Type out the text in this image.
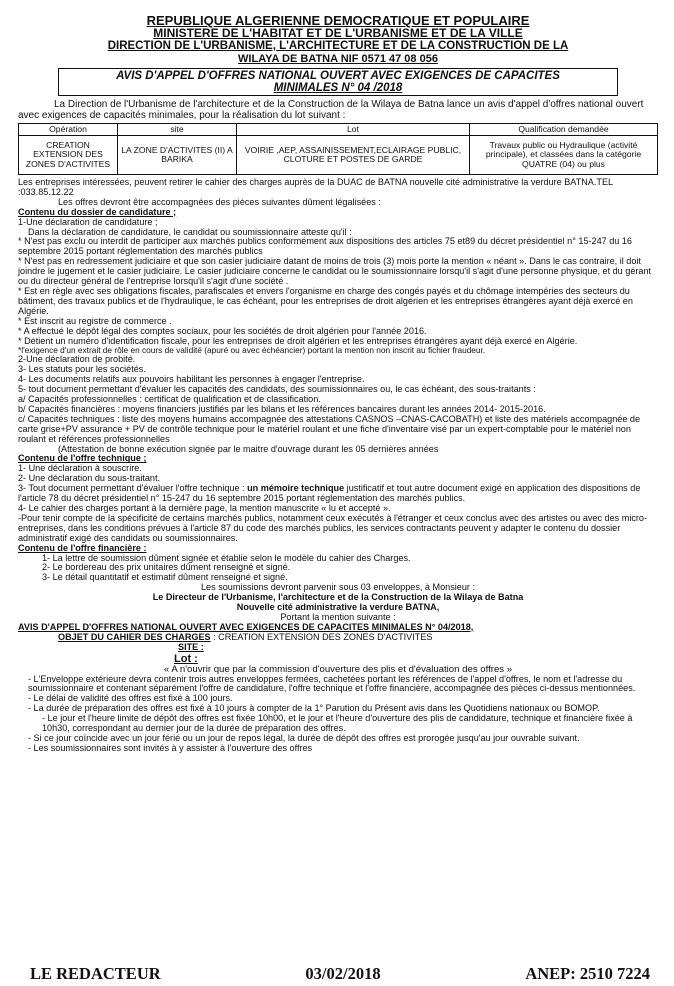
REPUBLIQUE ALGERIENNE DEMOCRATIQUE ET POPULAIRE
MINISTERE DE L'HABITAT ET DE L'URBANISME ET DE LA VILLE
DIRECTION DE L'URBANISME, L'ARCHITECTURE ET DE LA CONSTRUCTION DE LA
WILAYA DE BATNA NIF 0571 47 08 056
AVIS D'APPEL D'OFFRES NATIONAL OUVERT AVEC EXIGENCES DE CAPACITES
MINIMALES N° 04 /2018

La Direction de l'Urbanisme de l'architecture et de la Construction de la Wilaya de Batna lance un avis d'appel d'offres national ouvert avec exigences de capacités minimales, pour la réalisation du lot suivant :

Opération	site	Lot	Qualification demandée
CREATION EXTENSION DES ZONES D'ACTIVITES	LA ZONE D'ACTIVITES (II) A BARIKA	VOIRIE ,AEP, ASSAINISSEMENT,ECLAIRAGE PUBLIC, CLOTURE ET POSTES DE GARDE	Travaux public ou Hydraulique (activité principale), et classées dans la catégorie QUATRE (04) ou plus

Les entreprises intéressées, peuvent retirer le cahier des charges auprès de la DUAC de BATNA nouvelle cité administrative la verdure BATNA.TEL :033.85.12.22

Les offres devront être accompagnées des pièces suivantes dûment légalisées :

Contenu du dossier de candidature ;

1-Une déclaration de candidature ;

Dans la déclaration de candidature, le candidat ou soumissionnaire atteste qu'il :

* N'est pas exclu ou interdit de participer aux marchés publics conformément aux dispositions des articles 75 et89 du décret présidentiel n° 15-247 du 16 septembre 2015 portant réglementation des marchés publics

* N'est pas en redressement judiciaire et que son casier judiciaire datant de moins de trois (3) mois porte la mention « néant ». Dans le cas contraire, il doit joindre le jugement et le casier judiciaire. Le casier judiciaire concerne le candidat ou le soumissionnaire lorsqu'il s'agit d'une personne physique, et du gérant ou du directeur général de l'entreprise lorsqu'il s'agit d'une société .

* Est en règle avec ses obligations fiscales, parafiscales et envers l'organisme en charge des congés payés et du chômage intempéries des secteurs du bâtiment, des travaux publics et de l'hydraulique, le cas échéant, pour les entreprises de droit algérien et les entreprises étrangères ayant déjà exercé en Algérie.

* Est inscrit au registre de commerce .

* A effectué le dépôt légal des comptes sociaux, pour les sociétés de droit algérien pour l'année 2016.

* Détient un numéro d'identification fiscale, pour les entreprises de droit algérien et les entreprises étrangères ayant déjà exercé en Algérie.

*l'exigence d'un extrait de rôle en cours de validité (apuré ou avec échéancier) portant la mention non inscrit au fichier fraudeur.

2-Une déclaration de probité.

3- Les statuts pour les sociétés.

4- Les documents relatifs aux pouvoirs habilitant les personnes à engager l'entreprise.

5- tout document permettant d'évaluer les capacités des candidats, des soumissionnaires ou, le cas échéant, des sous-traitants :

a/ Capacités professionnelles : certificat de qualification et de classification.

b/ Capacités financières : moyens financiers justifiés par les bilans et les références bancaires durant les années 2014- 2015-2016.

c/ Capacités techniques : liste des moyens humains accompagnée des attestations CASNOS –CNAS-CACOBATH) et liste des matériels accompagnée de carte grise+PV assurance + PV de contrôle technique pour le matériel roulant et une fiche d'inventaire visé par un expert-comptable pour le matériel non roulant et références professionnelles

(Attestation de bonne exécution signée par le maitre d'ouvrage durant les 05 dernières années

Contenu de l'offre technique ;

1- Une déclaration à souscrire.

2- Une déclaration du sous-traitant.

3- Tout document permettant d'évaluer l'offre technique : un mémoire technique justificatif et tout autre document exigé en application des dispositions de l'article 78 du décret présidentiel n° 15-247 du 16 septembre 2015 portant réglementation des marchés publics.

4- Le cahier des charges portant à la dernière page, la mention manuscrite « lu et accepté ».

-Pour tenir compte de la spécificité de certains marchés publics, notamment ceux exécutés à l'étranger et ceux conclus avec des artistes ou avec des micro-entreprises, dans les conditions prévues à l'article 87 du code des marchés publics, les services contractants peuvent y adapter le contenu du dossier administratif exigé des candidats ou soumissionnaires.

Contenu de l'offre financière :

1- La lettre de soumission dûment signée et établie selon le modèle du cahier des Charges.

2- Le bordereau des prix unitaires dûment renseigné et signé.

3- Le détail quantitatif et estimatif dûment renseigné et signé.

Les soumissions devront parvenir sous 03 enveloppes, à Monsieur :

Le Directeur de l'Urbanisme, l'architecture et de la Construction de la Wilaya de Batna

Nouvelle cité administrative la verdure BATNA,

Portant la mention suivante :

AVIS D'APPEL D'OFFRES NATIONAL OUVERT AVEC EXIGENCES DE CAPACITES MINIMALES N° 04/2018,

OBJET DU CAHIER DES CHARGES : CREATION EXTENSION DES ZONES D'ACTIVITES

SITE :

Lot :

« A n'ouvrir que par la commission d'ouverture des plis et d'évaluation des offres »

- L'Enveloppe extérieure devra contenir trois autres enveloppes fermées, cachetées portant les références de l'appel d'offres, le nom et l'adresse du soumissionnaire et contenant séparément l'offre de candidature, l'offre technique et l'offre financière, accompagnée des pièces ci-dessus mentionnées.

- Le délai de validité des offres est fixé à 100 jours.

- La durée de préparation des offres est fixé à 10 jours à compter de la 1° Parution du Présent avis dans les Quotidiens nationaux ou BOMOP.

- Le jour et l'heure limite de dépôt des offres est fixée 10h00, et le jour et l'heure d'ouverture des plis de candidature, technique et financière fixée à 10h30, correspondant au dernier jour de la durée de préparation des offres.

- Si ce jour coïncide avec un jour férié ou un jour de repos légal, la durée de dépôt des offres est prorogée jusqu'au jour ouvrable suivant.

- Les soumissionnaires sont invités à y assister à l'ouverture des offres

LE REDACTEUR	03/02/2018	ANEP: 2510 7224
